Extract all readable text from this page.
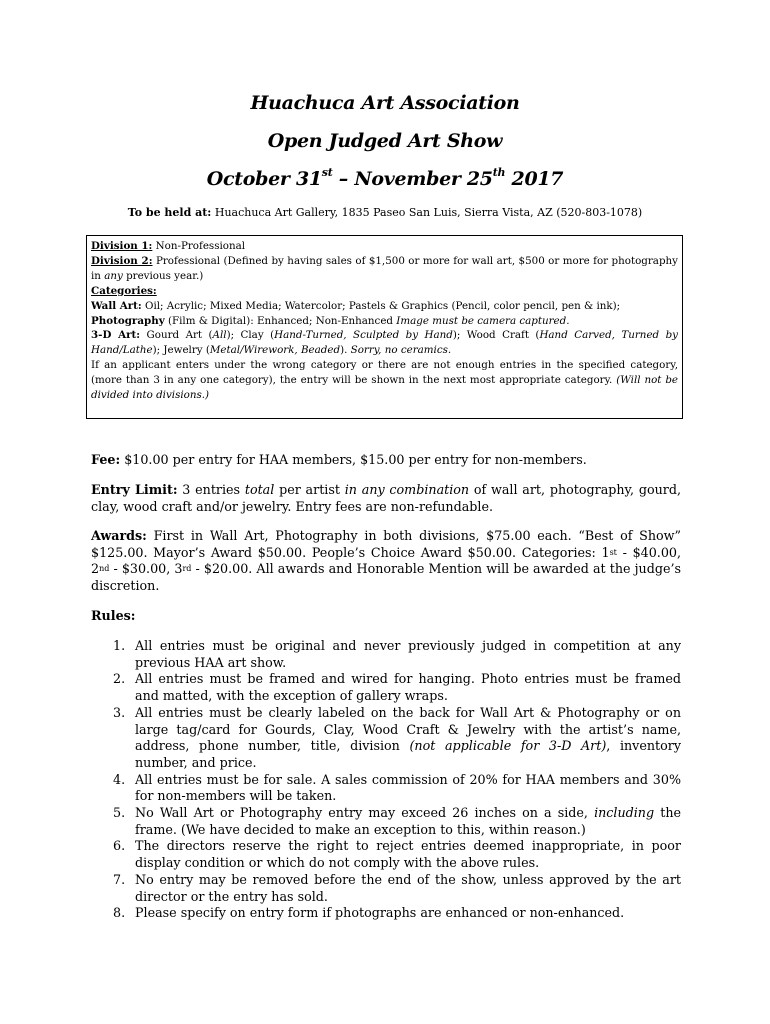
Huachuca Art Association
Open Judged Art Show
October 31st – November 25th 2017
To be held at: Huachuca Art Gallery, 1835 Paseo San Luis, Sierra Vista, AZ (520-803-1078)

Division 1: Non-Professional

Division 2: Professional (Defined by having sales of $1,500 or more for wall art, $500 or more for photography in any previous year.)

Categories:

Wall Art: Oil; Acrylic; Mixed Media; Watercolor; Pastels & Graphics (Pencil, color pencil, pen & ink);

Photography (Film & Digital): Enhanced; Non-Enhanced Image must be camera captured.

3-D Art: Gourd Art (All); Clay (Hand-Turned, Sculpted by Hand); Wood Craft (Hand Carved, Turned by Hand/Lathe); Jewelry (Metal/Wirework, Beaded). Sorry, no ceramics.

If an applicant enters under the wrong category or there are not enough entries in the specified category, (more than 3 in any one category), the entry will be shown in the next most appropriate category. (Will not be divided into divisions.)

Fee: $10.00 per entry for HAA members, $15.00 per entry for non-members.
Entry Limit: 3 entries total per artist in any combination of wall art, photography, gourd, clay, wood craft and/or jewelry. Entry fees are non-refundable.
Awards: First in Wall Art, Photography in both divisions, $75.00 each. “Best of Show” $125.00. Mayor’s Award $50.00. People’s Choice Award $50.00. Categories: 1st - $40.00, 2nd - $30.00, 3rd - $20.00. All awards and Honorable Mention will be awarded at the judge’s discretion.
Rules:
1. All entries must be original and never previously judged in competition at any previous HAA art show.
2. All entries must be framed and wired for hanging. Photo entries must be framed and matted, with the exception of gallery wraps.
3. All entries must be clearly labeled on the back for Wall Art & Photography or on large tag/card for Gourds, Clay, Wood Craft & Jewelry with the artist’s name, address, phone number, title, division (not applicable for 3-D Art), inventory number, and price.
4. All entries must be for sale. A sales commission of 20% for HAA members and 30% for non-members will be taken.
5. No Wall Art or Photography entry may exceed 26 inches on a side, including the frame. (We have decided to make an exception to this, within reason.)
6. The directors reserve the right to reject entries deemed inappropriate, in poor display condition or which do not comply with the above rules.
7. No entry may be removed before the end of the show, unless approved by the art director or the entry has sold.
8. Please specify on entry form if photographs are enhanced or non-enhanced.
